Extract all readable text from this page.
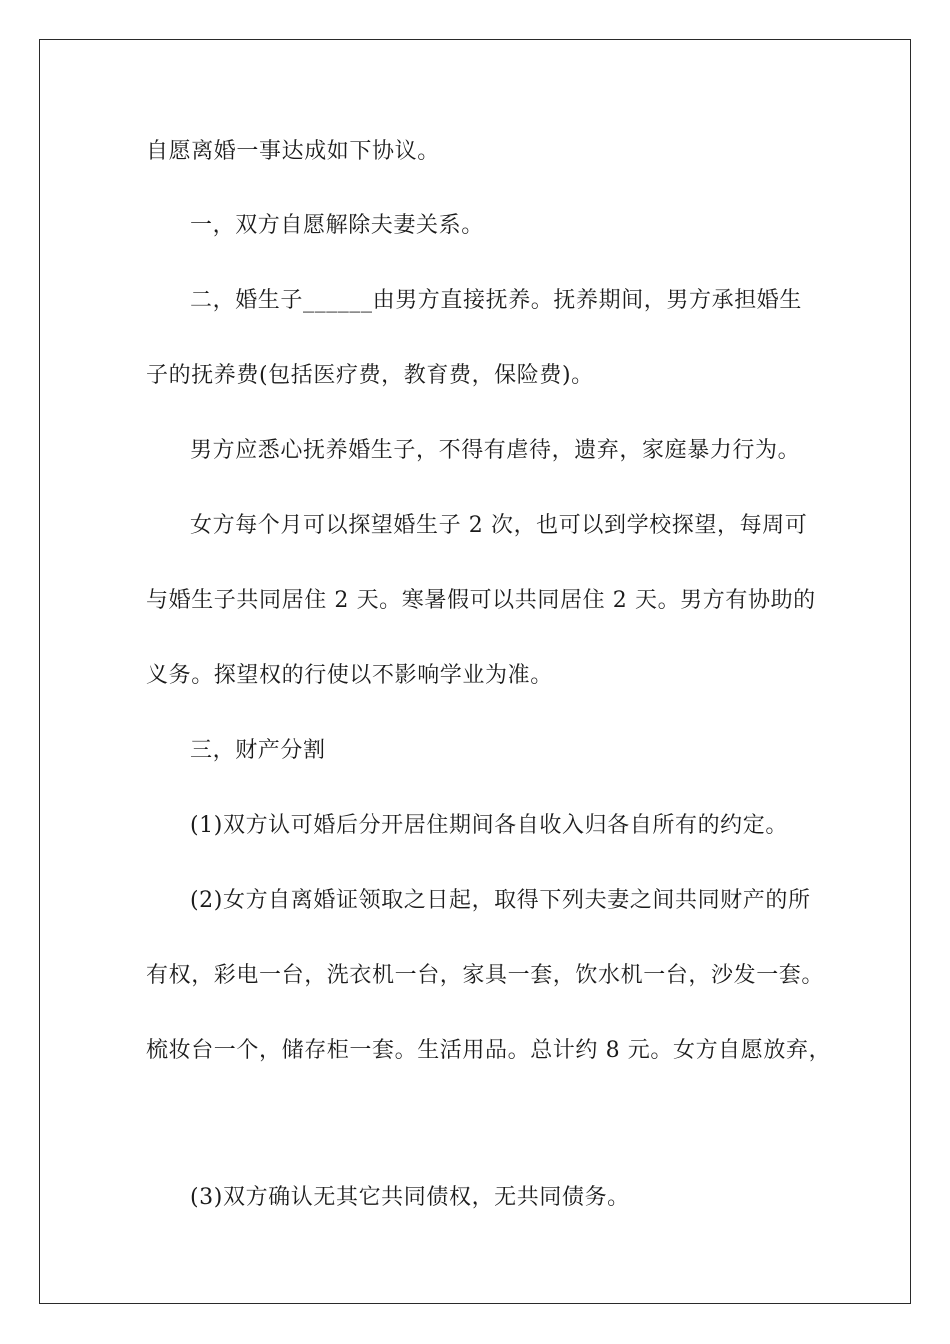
自愿离婚一事达成如下协议。

一，双方自愿解除夫妻关系。

二，婚生子______由男方直接抚养。抚养期间，男方承担婚生

子的抚养费(包括医疗费，教育费，保险费)。

男方应悉心抚养婚生子，不得有虐待，遗弃，家庭暴力行为。

女方每个月可以探望婚生子 2 次，也可以到学校探望，每周可

与婚生子共同居住 2 天。寒暑假可以共同居住 2 天。男方有协助的

义务。探望权的行使以不影响学业为准。

三，财产分割

(1)双方认可婚后分开居住期间各自收入归各自所有的约定。

(2)女方自离婚证领取之日起，取得下列夫妻之间共同财产的所

有权，彩电一台，洗衣机一台，家具一套，饮水机一台，沙发一套。

梳妆台一个，储存柜一套。生活用品。总计约 8 元。女方自愿放弃，

(3)双方确认无其它共同债权，无共同债务。
